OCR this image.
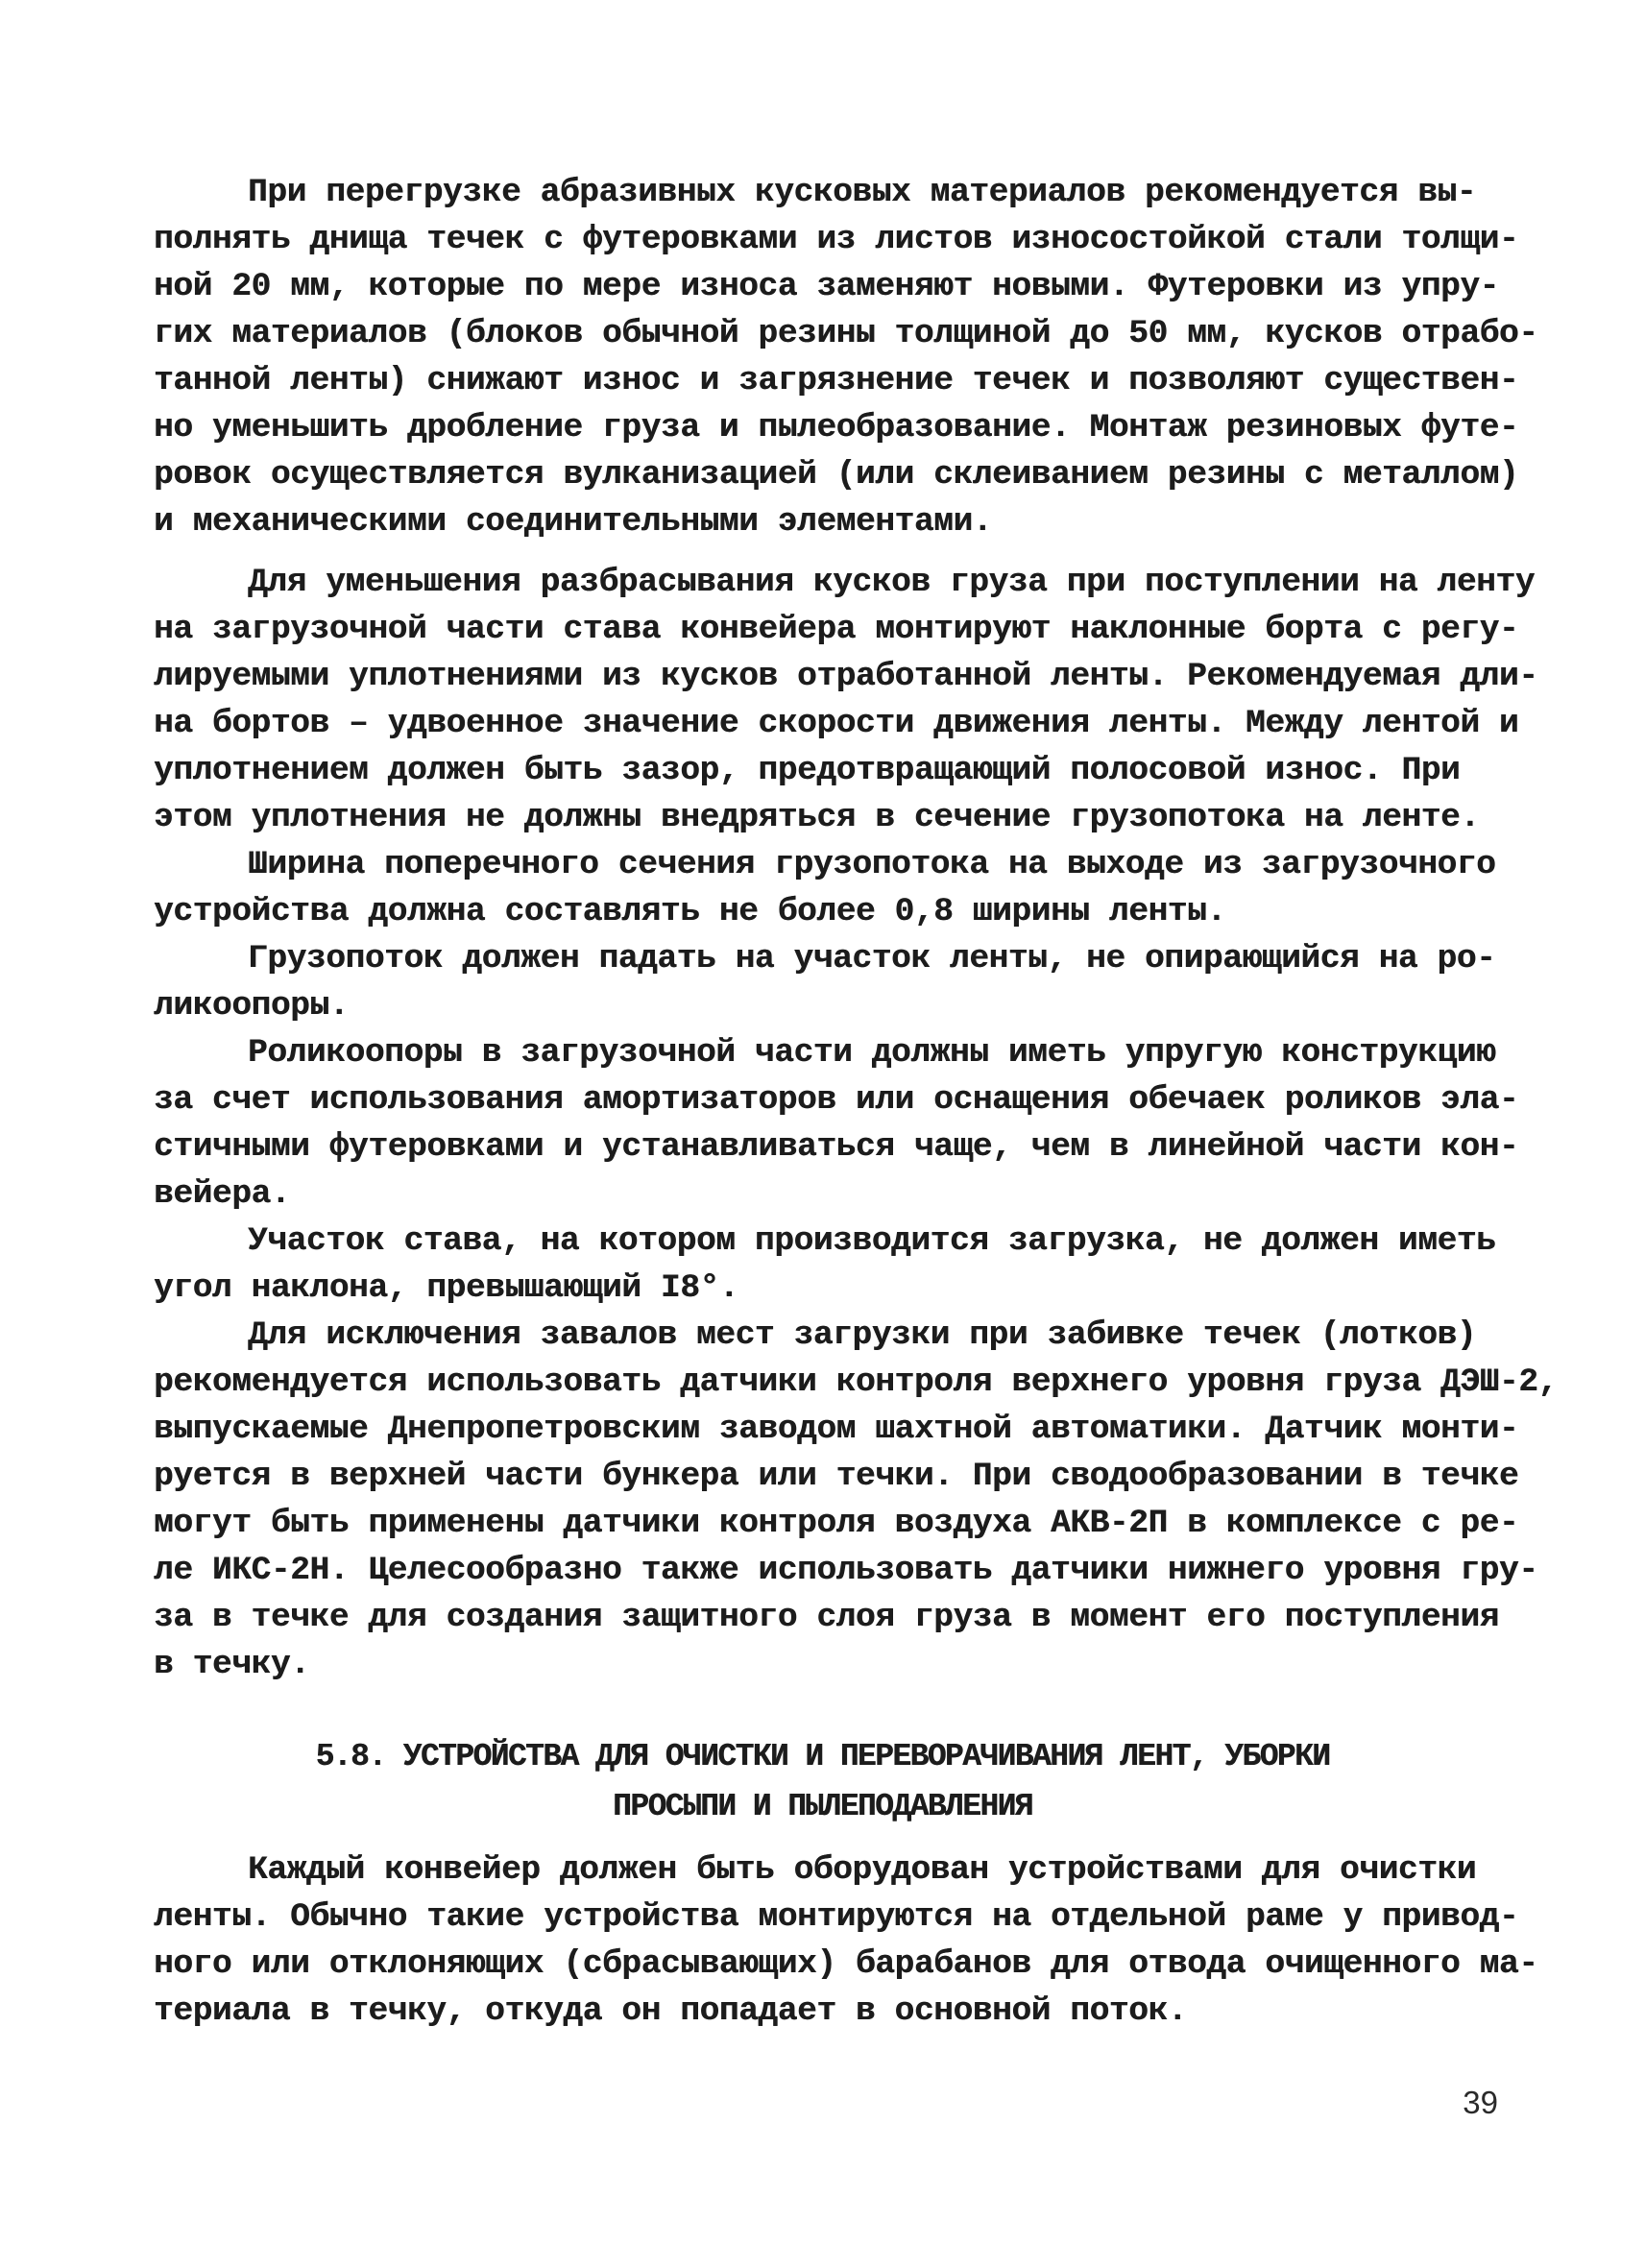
При перегрузке абразивных кусковых материалов рекомендуется вы-
полнять днища течек с футеровками из листов износостойкой стали толщи-
ной 20 мм, которые по мере износа заменяют новыми. Футеровки из упру-
гих материалов (блоков обычной резины толщиной до 50 мм, кусков отрабо-
танной ленты) снижают износ и загрязнение течек и позволяют существен-
но уменьшить дробление груза и пылеобразование. Монтаж резиновых футе-
ровок осуществляется вулканизацией (или склеиванием резины с металлом)
и механическими соединительными элементами.
Для уменьшения разбрасывания кусков груза при поступлении на ленту
на загрузочной части става конвейера монтируют наклонные борта с регу-
лируемыми уплотнениями из кусков отработанной ленты. Рекомендуемая дли-
на бортов – удвоенное значение скорости движения ленты. Между лентой и
уплотнением должен быть зазор, предотвращающий полосовой износ. При
этом уплотнения не должны внедряться в сечение грузопотока на ленте.
Ширина поперечного сечения грузопотока на выходе из загрузочного
устройства должна составлять не более 0,8 ширины ленты.
Грузопоток должен падать на участок ленты, не опирающийся на ро-
ликоопоры.
Роликоопоры в загрузочной части должны иметь упругую конструкцию
за счет использования амортизаторов или оснащения обечаек роликов эла-
стичными футеровками и устанавливаться чаще, чем в линейной части кон-
вейера.
Участок става, на котором производится загрузка, не должен иметь
угол наклона, превышающий I8°.
Для исключения завалов мест загрузки при забивке течек (лотков)
рекомендуется использовать датчики контроля верхнего уровня груза ДЭШ-2,
выпускаемые Днепропетровским заводом шахтной автоматики. Датчик монти-
руется в верхней части бункера или течки. При сводообразовании в течке
могут быть применены датчики контроля воздуха АКВ-2П в комплексе с ре-
ле ИКС-2Н. Целесообразно также использовать датчики нижнего уровня гру-
за в течке для создания защитного слоя груза в момент его поступления
в течку.
5.8. УСТРОЙСТВА ДЛЯ ОЧИСТКИ И ПЕРЕВОРАЧИВАНИЯ ЛЕНТ, УБОРКИ
ПРОСЫПИ И ПЫЛЕПОДАВЛЕНИЯ
Каждый конвейер должен быть оборудован устройствами для очистки
ленты. Обычно такие устройства монтируются на отдельной раме у привод-
ного или отклоняющих (сбрасывающих) барабанов для отвода очищенного ма-
териала в течку, откуда он попадает в основной поток.
39
